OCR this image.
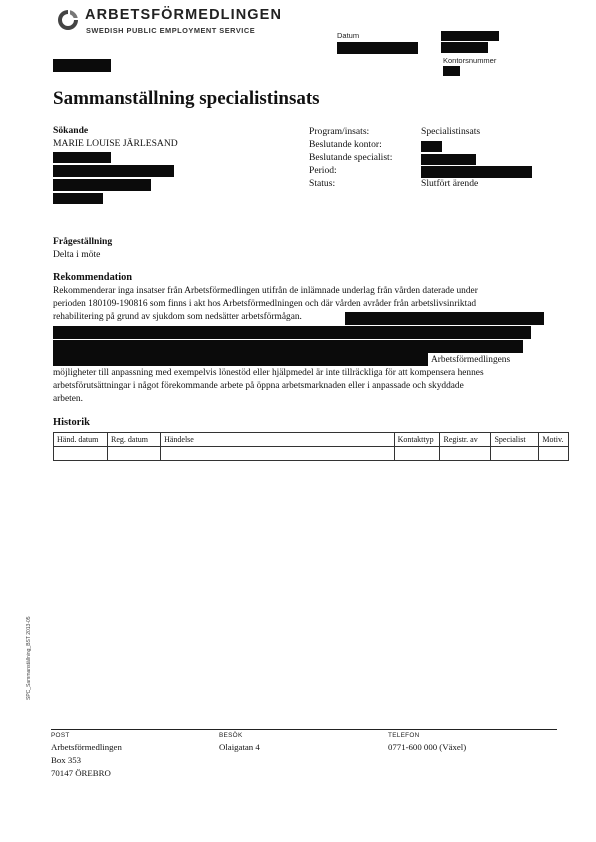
ARBETSFÖRMEDLINGEN
SWEDISH PUBLIC EMPLOYMENT SERVICE
Datum
Kontorsnummer
Sammanställning specialistinsats
Sökande
MARIE LOUISE JÄRLESAND
Program/insats:	Specialistinsats
Beslutande kontor:
Beslutande specialist:
Period:
Status:	Slutfört ärende
Frågeställning
Delta i möte
Rekommendation
Rekommenderar inga insatser från Arbetsförmedlingen utifrån de inlämnade underlag från vården daterade under
perioden 180109-190816 som finns i akt hos Arbetsförmedlningen och där vården avråder från arbetslivsinriktad
rehabilitering på grund av sjukdom som nedsätter arbetsförmågan.
Arbetsförmedlingens
möjligheter till anpassning med exempelvis lönestöd eller hjälpmedel är inte tillräckliga för att kompensera hennes
arbetsförutsättningar i något förekommande arbete på öppna arbetsmarknaden eller i anpassade och skyddade
arbeten.
Historik
Händ. datum	Reg. datum	Händelse	Kontakttyp	Registr. av	Specialist	Motiv.

SPC_Sammanställning_BST 2013-05
POST
Arbetsförmedlingen
Box 353
70147 ÖREBRO
BESÖK
Olaigatan 4
TELEFON
0771-600 000 (Växel)
